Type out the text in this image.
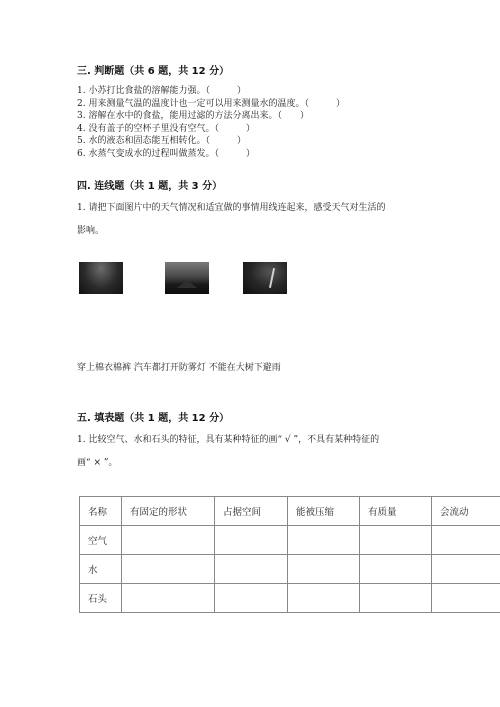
三. 判断题（共 6 题，共 12 分）
1. 小苏打比食盐的溶解能力强。（　　　）
2. 用来测量气温的温度计也一定可以用来测量水的温度。（　　　）
3. 溶解在水中的食盐，能用过滤的方法分离出来。（　　）
4. 没有盖子的空杯子里没有空气。（　　　）
5. 水的液态和固态能互相转化。（　　　）
6. 水蒸气变成水的过程叫做蒸发。（　　　）
四. 连线题（共 1 题，共 3 分）
1. 请把下面图片中的天气情况和适宜做的事情用线连起来，感受天气对生活的
影响。
穿上棉衣棉裤 汽车都打开防雾灯 不能在大树下避雨
五. 填表题（共 1 题，共 12 分）
1. 比较空气、水和石头的特征，具有某种特征的画“ √ ”，不具有某种特征的
画“ × ”。
名称	有固定的形状	占据空间	能被压缩	有质量	会流动
空气					
水					
石头					
